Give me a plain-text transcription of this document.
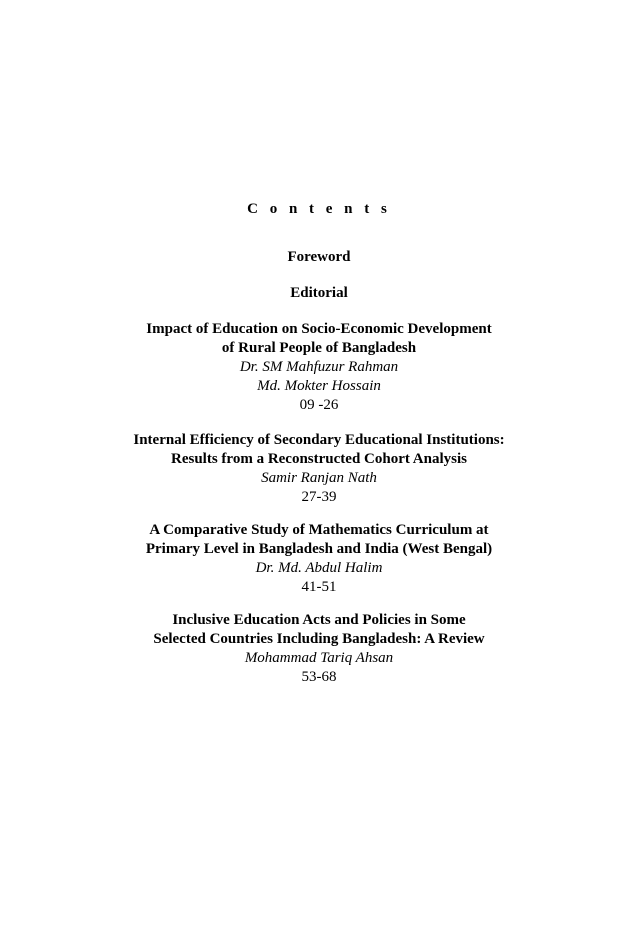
C o n t e n t s
Foreword
Editorial
Impact of Education on Socio-Economic Development
of Rural People of Bangladesh
Dr. SM Mahfuzur Rahman
Md. Mokter Hossain
09 -26
Internal Efficiency of Secondary Educational Institutions:
Results from a Reconstructed Cohort Analysis
Samir Ranjan Nath
27-39
A Comparative Study of Mathematics Curriculum at
Primary Level in Bangladesh and India (West Bengal)
Dr. Md. Abdul Halim
41-51
Inclusive Education Acts and Policies in Some
Selected Countries Including Bangladesh: A Review
Mohammad Tariq Ahsan
53-68
